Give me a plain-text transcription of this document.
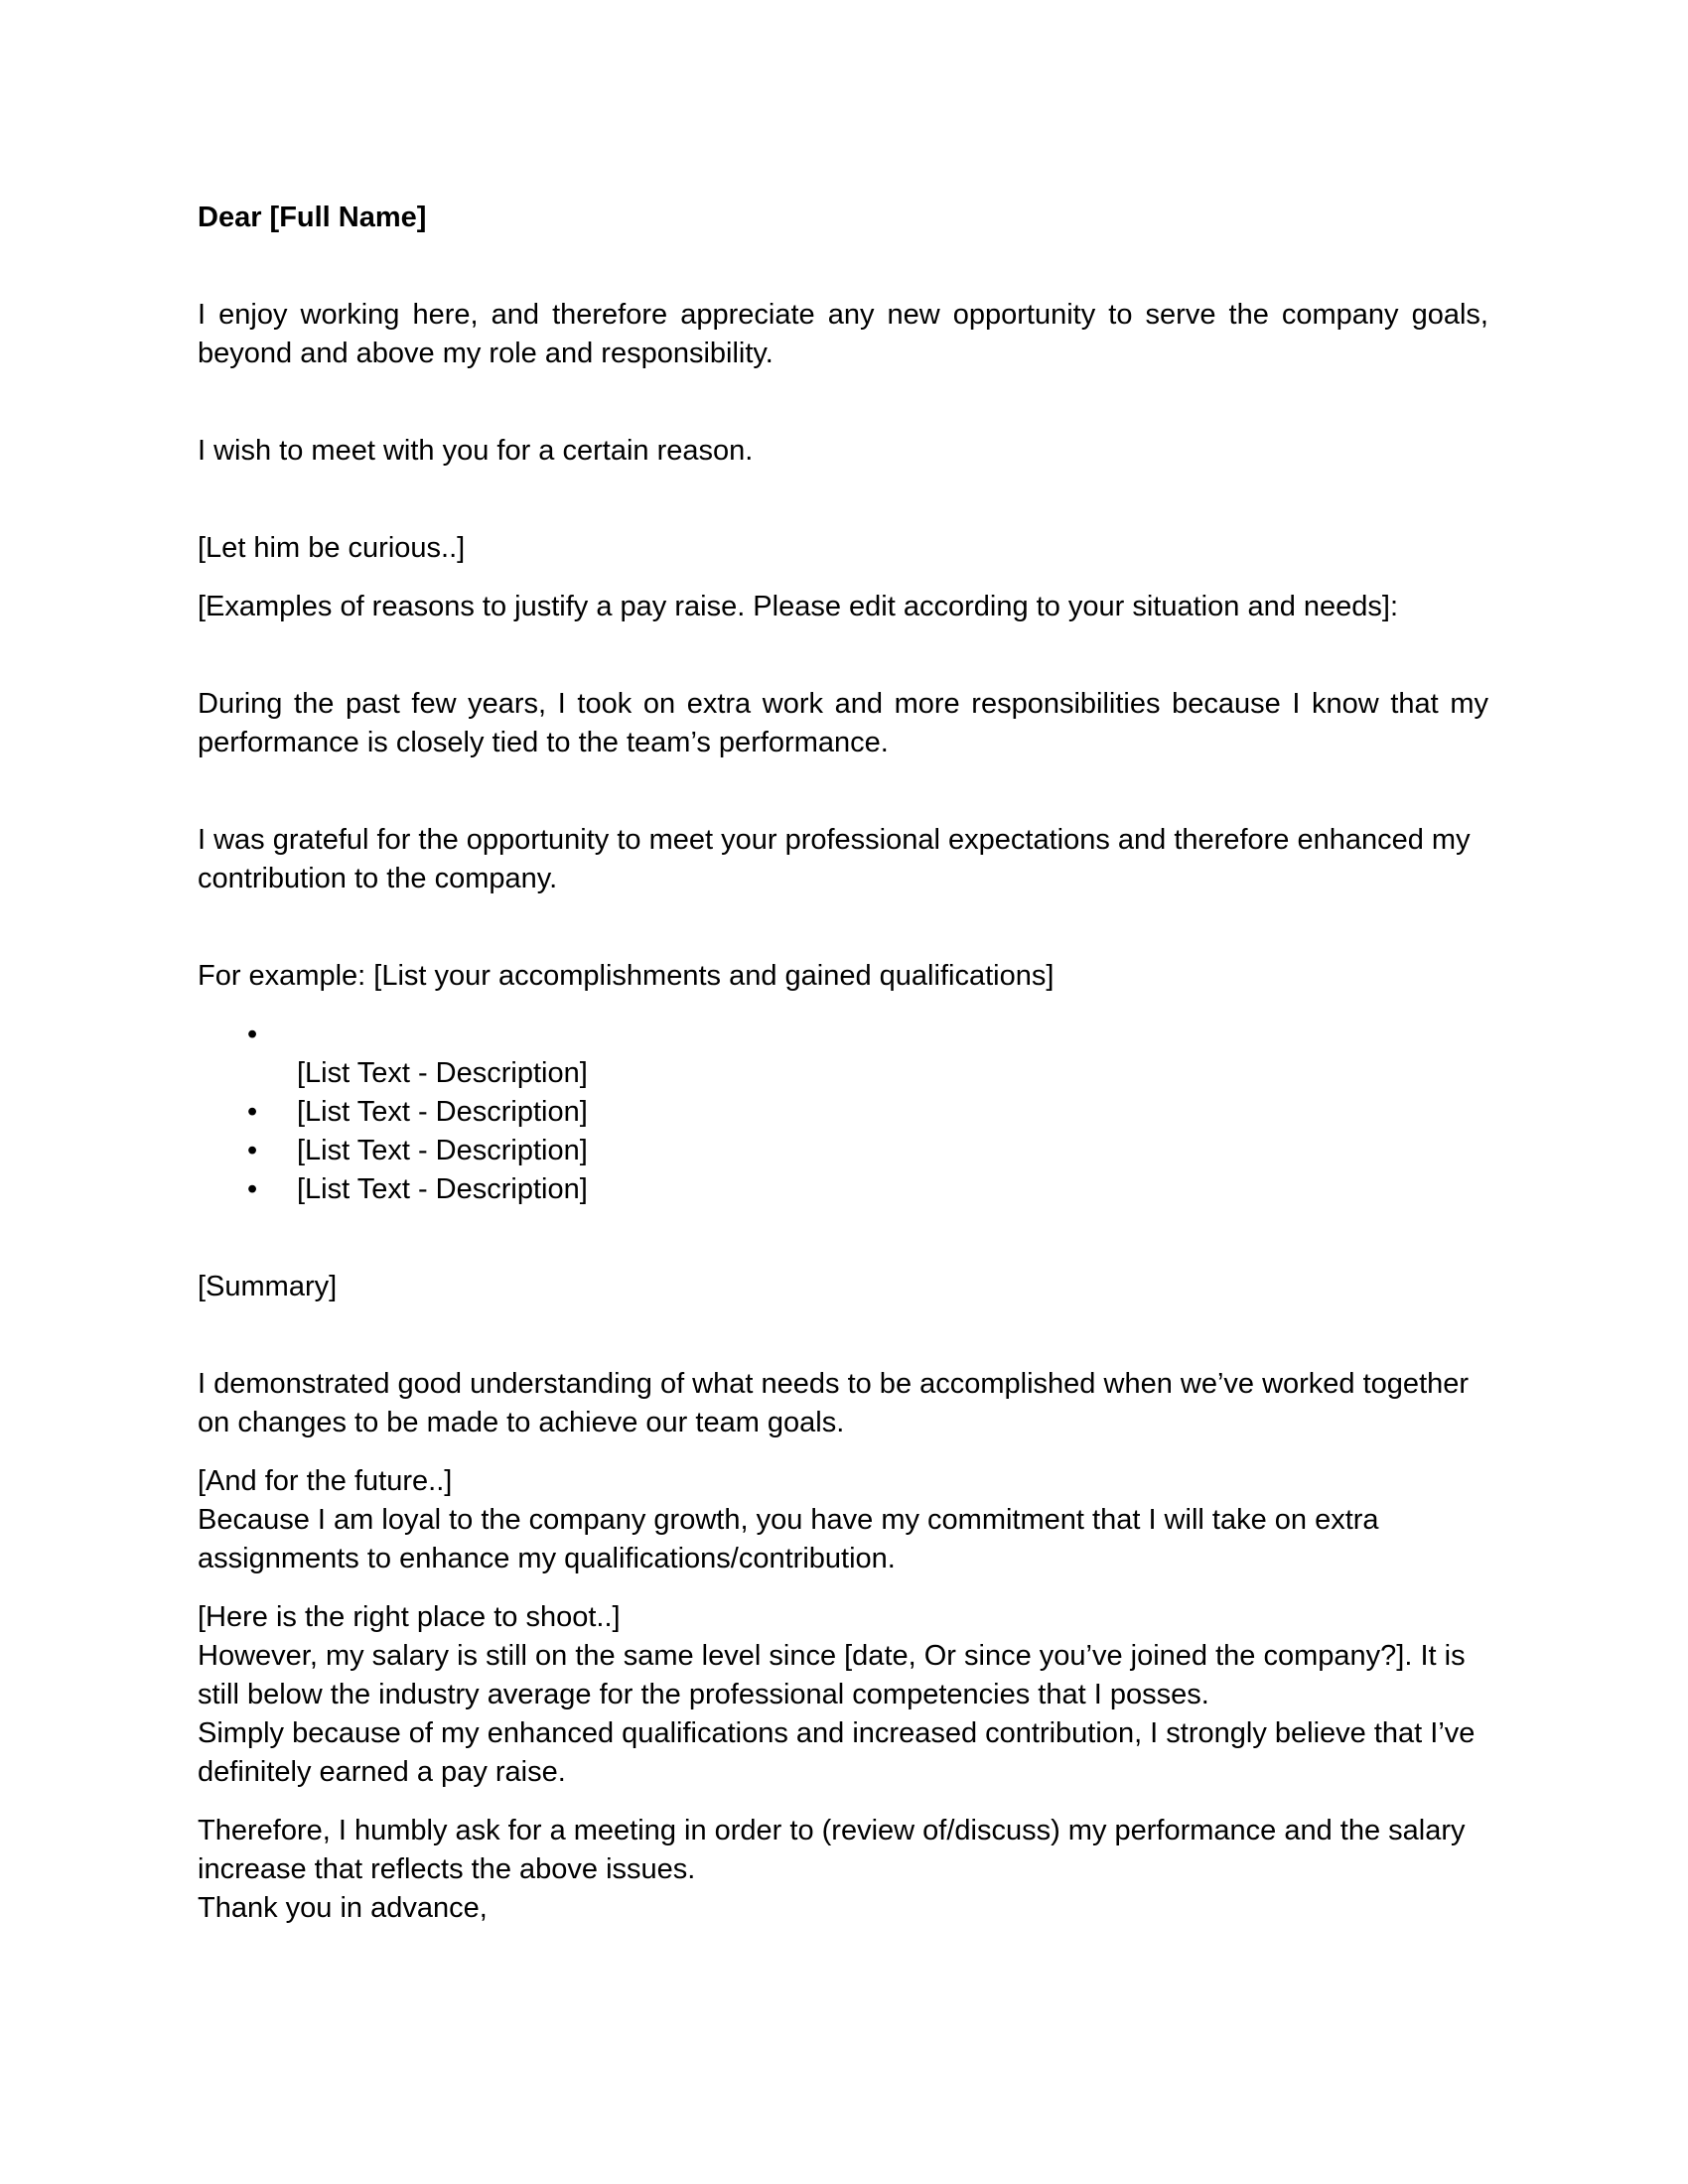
Dear [Full Name]

I enjoy working here, and therefore appreciate any new opportunity to serve the company goals, beyond and above my role and responsibility.

I wish to meet with you for a certain reason.

[Let him be curious..]

[Examples of reasons to justify a pay raise. Please edit according to your situation and needs]:

During the past few years, I took on extra work and more responsibilities because I know that my performance is closely tied to the team’s performance.

I was grateful for the opportunity to meet your professional expectations and therefore enhanced my contribution to the company.

For example: [List your accomplishments and gained qualifications]

•
[List Text - Description]
• [List Text - Description]
• [List Text - Description]
• [List Text - Description]

[Summary]

I demonstrated good understanding of what needs to be accomplished when we’ve worked together on changes to be made to achieve our team goals.

[And for the future..]

Because I am loyal to the company growth, you have my commitment that I will take on extra assignments to enhance my qualifications/contribution.

[Here is the right place to shoot..]

However, my salary is still on the same level since [date, Or since you’ve joined the company?]. It is still below the industry average for the professional competencies that I posses.

Simply because of my enhanced qualifications and increased contribution, I strongly believe that I’ve definitely earned a pay raise.

Therefore, I humbly ask for a meeting in order to (review of/discuss) my performance and the salary increase that reflects the above issues.

Thank you in advance,
